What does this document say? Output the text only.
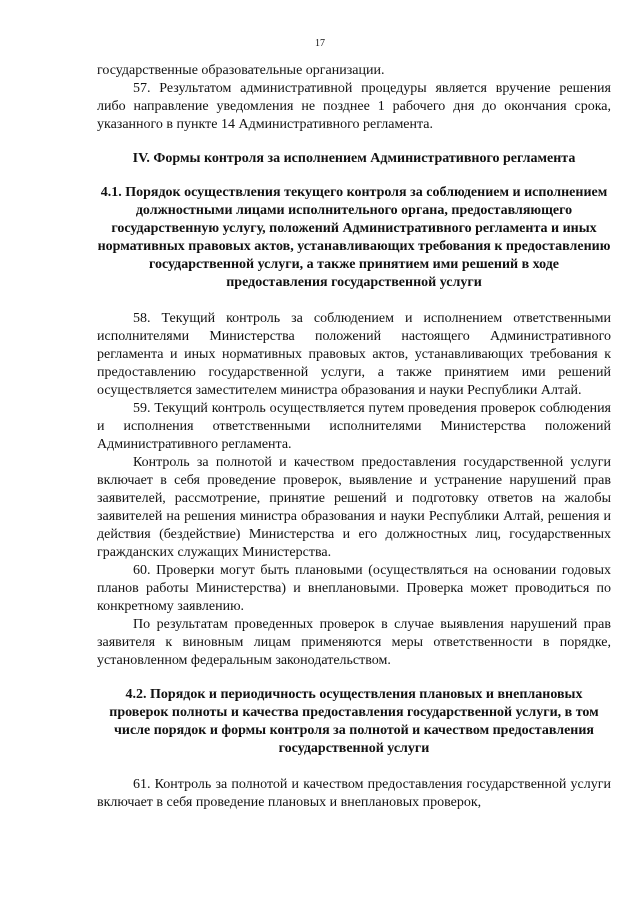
17

государственные образовательные организации.

57. Результатом административной процедуры является вручение решения либо направление уведомления не позднее 1 рабочего дня до окончания срока, указанного в пункте 14 Административного регламента.

IV. Формы контроля за исполнением Административного регламента

4.1. Порядок осуществления текущего контроля за соблюдением и исполнением должностными лицами исполнительного органа, предоставляющего государственную услугу, положений Административного регламента и иных нормативных правовых актов, устанавливающих требования к предоставлению государственной услуги, а также принятием ими решений в ходе предоставления государственной услуги

58. Текущий контроль за соблюдением и исполнением ответственными исполнителями Министерства положений настоящего Административного регламента и иных нормативных правовых актов, устанавливающих требования к предоставлению государственной услуги, а также принятием ими решений осуществляется заместителем министра образования и науки Республики Алтай.

59. Текущий контроль осуществляется путем проведения проверок соблюдения и исполнения ответственными исполнителями Министерства положений Административного регламента.

Контроль за полнотой и качеством предоставления государственной услуги включает в себя проведение проверок, выявление и устранение нарушений прав заявителей, рассмотрение, принятие решений и подготовку ответов на жалобы заявителей на решения министра образования и науки Республики Алтай, решения и действия (бездействие) Министерства и его должностных лиц, государственных гражданских служащих Министерства.

60. Проверки могут быть плановыми (осуществляться на основании годовых планов работы Министерства) и внеплановыми. Проверка может проводиться по конкретному заявлению.

По результатам проведенных проверок в случае выявления нарушений прав заявителя к виновным лицам применяются меры ответственности в порядке, установленном федеральным законодательством.

4.2. Порядок и периодичность осуществления плановых и внеплановых проверок полноты и качества предоставления государственной услуги, в том числе порядок и формы контроля за полнотой и качеством предоставления государственной услуги

61. Контроль за полнотой и качеством предоставления государственной услуги включает в себя проведение плановых и внеплановых проверок,
